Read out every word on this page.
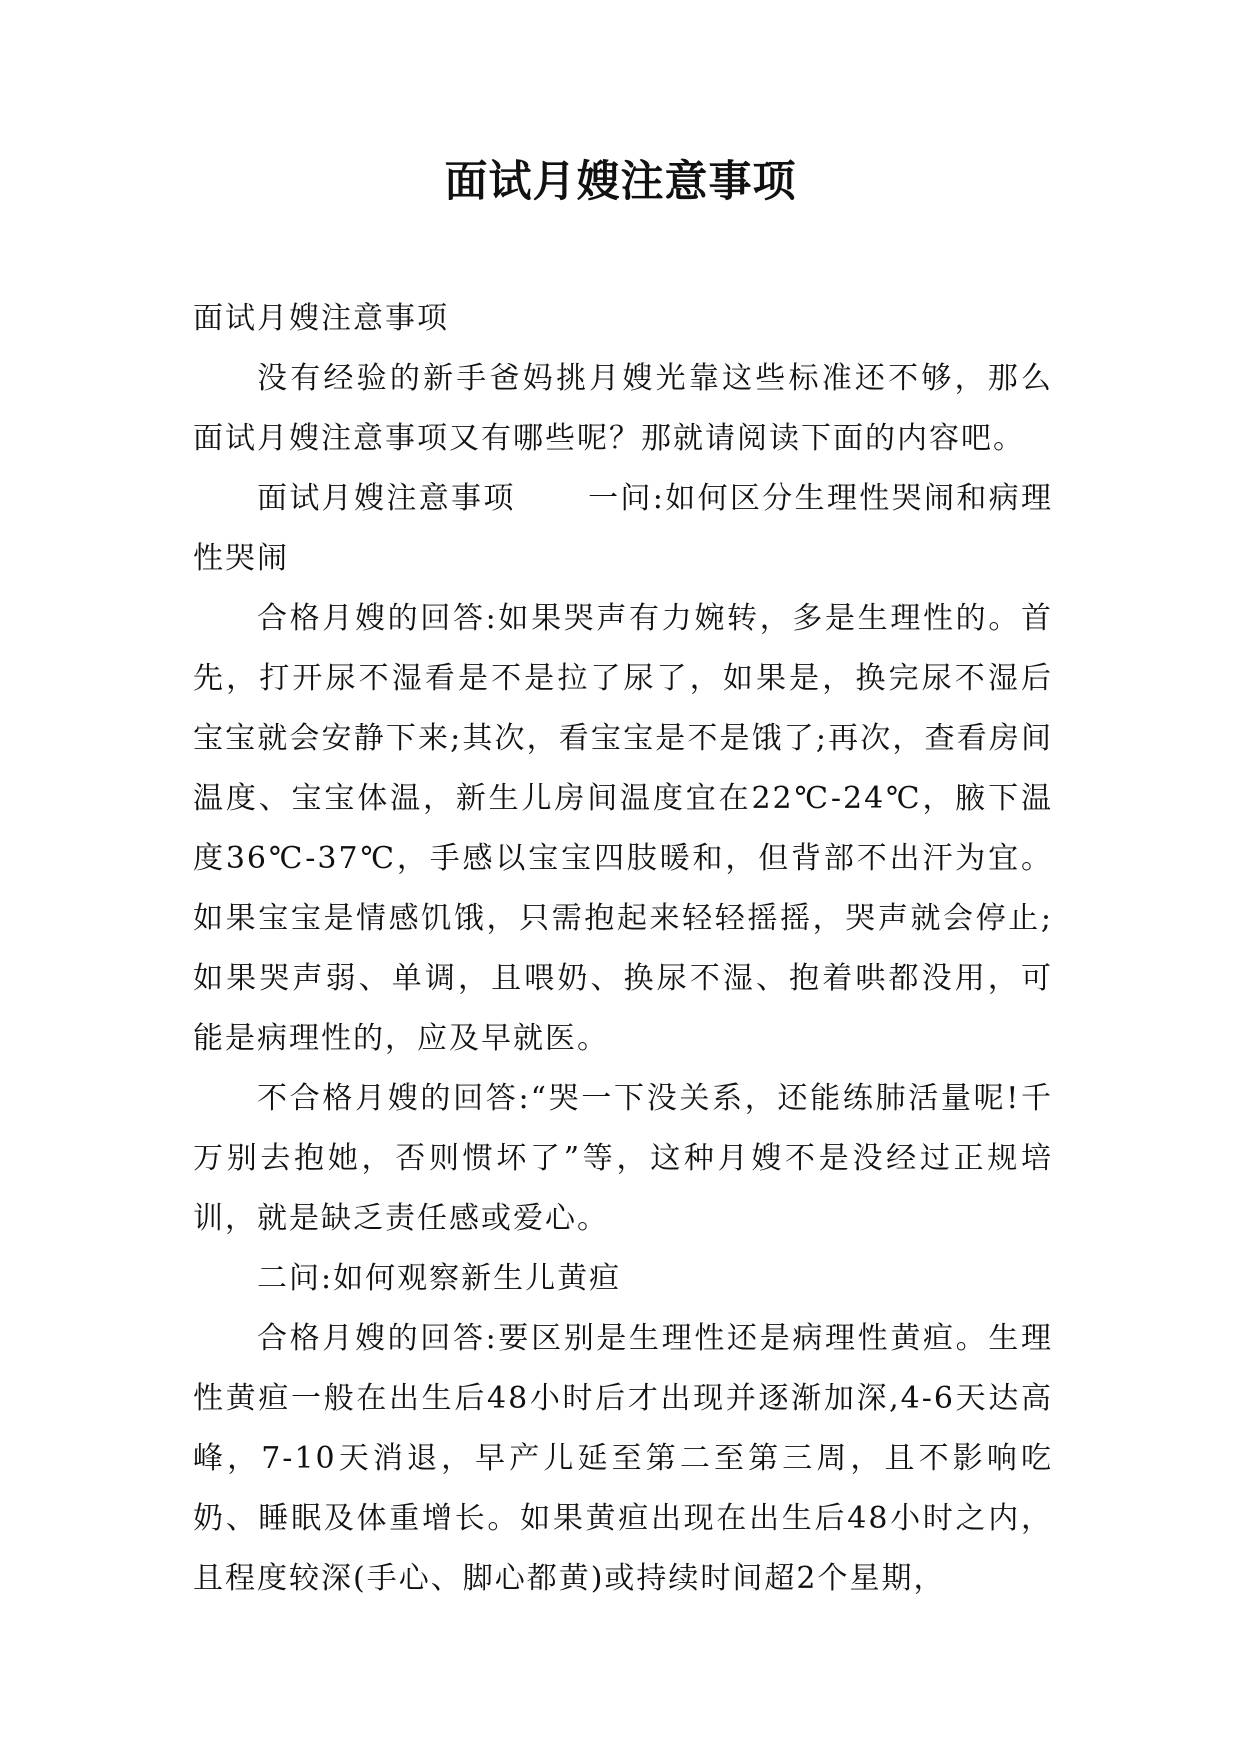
面试月嫂注意事项

面试月嫂注意事项

没有经验的新手爸妈挑月嫂光靠这些标准还不够，那么面试月嫂注意事项又有哪些呢？那就请阅读下面的内容吧。

面试月嫂注意事项 一问:如何区分生理性哭闹和病理性哭闹

合格月嫂的回答:如果哭声有力婉转，多是生理性的。首先，打开尿不湿看是不是拉了尿了，如果是，换完尿不湿后宝宝就会安静下来;其次，看宝宝是不是饿了;再次，查看房间温度、宝宝体温，新生儿房间温度宜在22℃-24℃，腋下温度36℃-37℃，手感以宝宝四肢暖和，但背部不出汗为宜。如果宝宝是情感饥饿，只需抱起来轻轻摇摇，哭声就会停止;如果哭声弱、单调，且喂奶、换尿不湿、抱着哄都没用，可能是病理性的，应及早就医。

不合格月嫂的回答:“哭一下没关系，还能练肺活量呢!千万别去抱她，否则惯坏了”等，这种月嫂不是没经过正规培训，就是缺乏责任感或爱心。

二问:如何观察新生儿黄疸

合格月嫂的回答:要区别是生理性还是病理性黄疸。生理性黄疸一般在出生后48小时后才出现并逐渐加深,4-6天达高峰，7-10天消退，早产儿延至第二至第三周，且不影响吃奶、睡眠及体重增长。如果黄疸出现在出生后48小时之内，且程度较深(手心、脚心都黄)或持续时间超2个星期，
